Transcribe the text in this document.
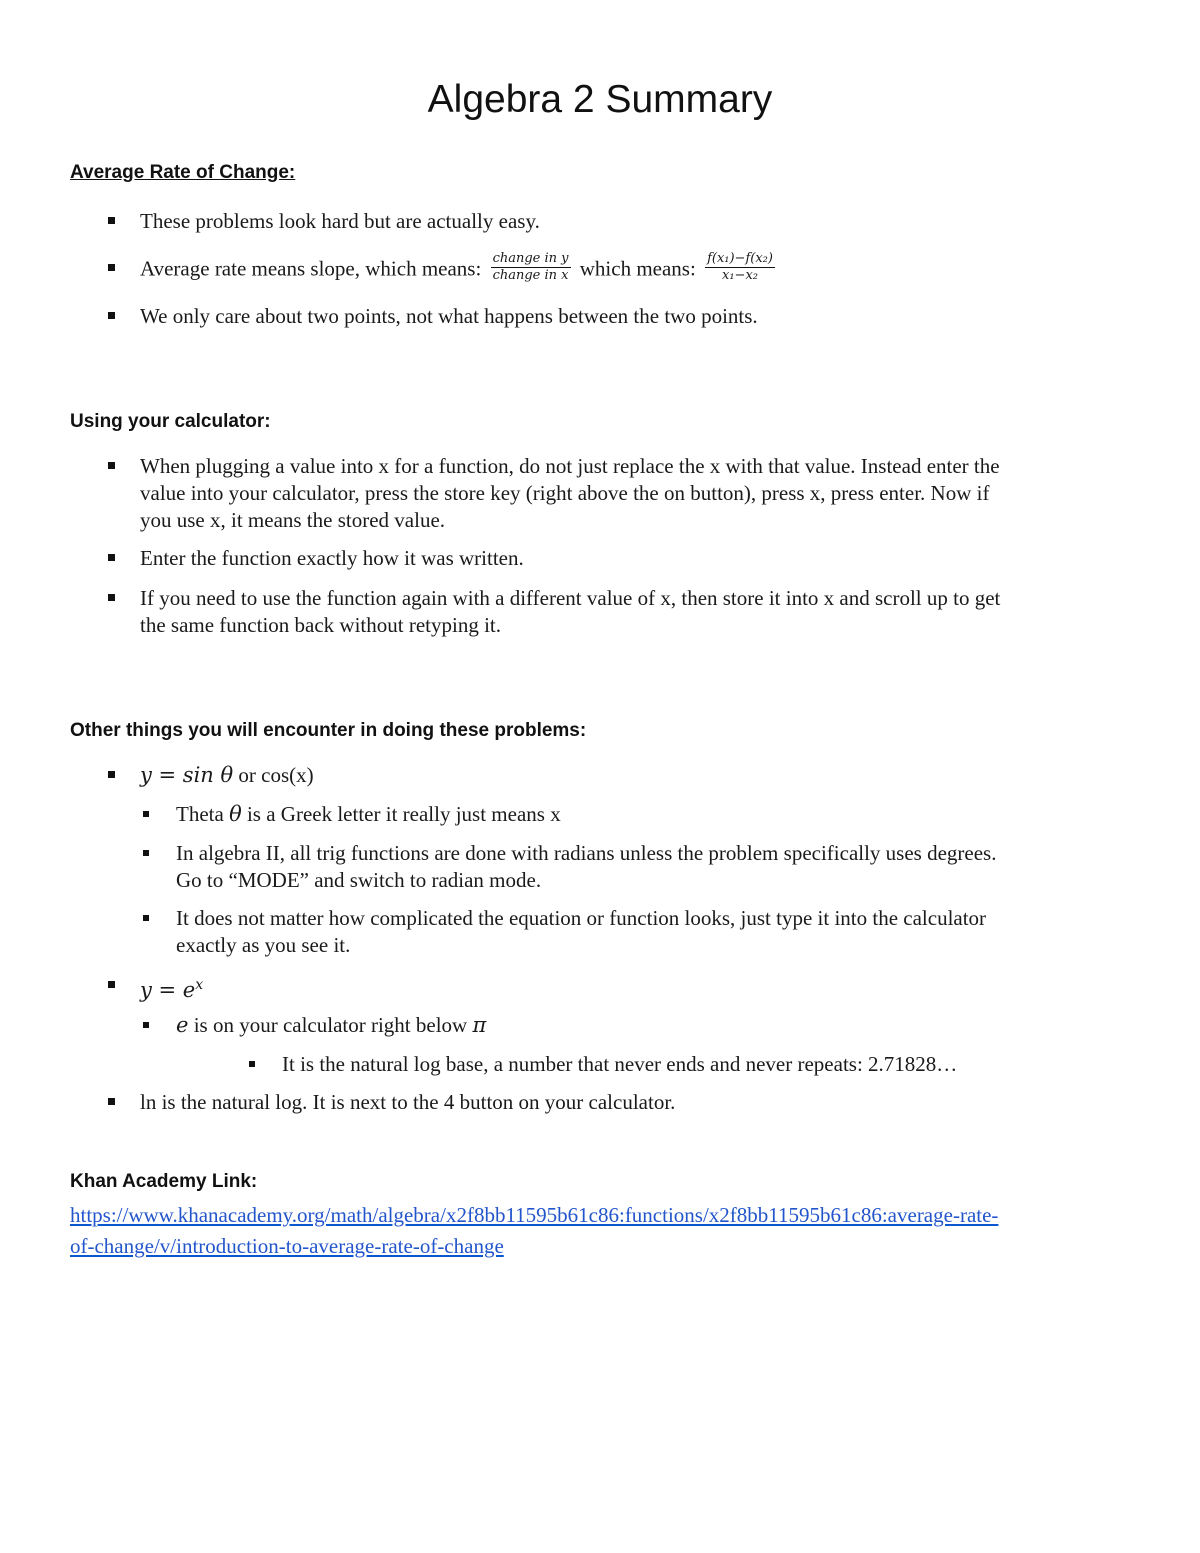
Algebra 2 Summary
Average Rate of Change:
These problems look hard but are actually easy.
Average rate means slope, which means: $\frac{\text{change in y}}{\text{change in x}}$ which means: $\frac{\text{f(x₁)−f(x₂)}}{\text{x₁−x₂}}$
We only care about two points, not what happens between the two points.
Using your calculator:
When plugging a value into x for a function, do not just replace the x with that value. Instead enter the
value into your calculator, press the store key (right above the on button), press x, press enter. Now if
you use x, it means the stored value.
Enter the function exactly how it was written.
If you need to use the function again with a different value of x, then store it into x and scroll up to get
the same function back without retyping it.
Other things you will encounter in doing these problems:
y = sin θ or cos(x)
Theta θ is a Greek letter it really just means x
In algebra II, all trig functions are done with radians unless the problem specifically uses degrees.
Go to “MODE” and switch to radian mode.
It does not matter how complicated the equation or function looks, just type it into the calculator
exactly as you see it.
$y = e^x$
e is on your calculator right below π
It is the natural log base, a number that never ends and never repeats: 2.71828…
ln is the natural log. It is next to the 4 button on your calculator.
Khan Academy Link:
https://www.khanacademy.org/math/algebra/x2f8bb11595b61c86:functions/x2f8bb11595b61c86:average-rate-
of-change/v/introduction-to-average-rate-of-change
